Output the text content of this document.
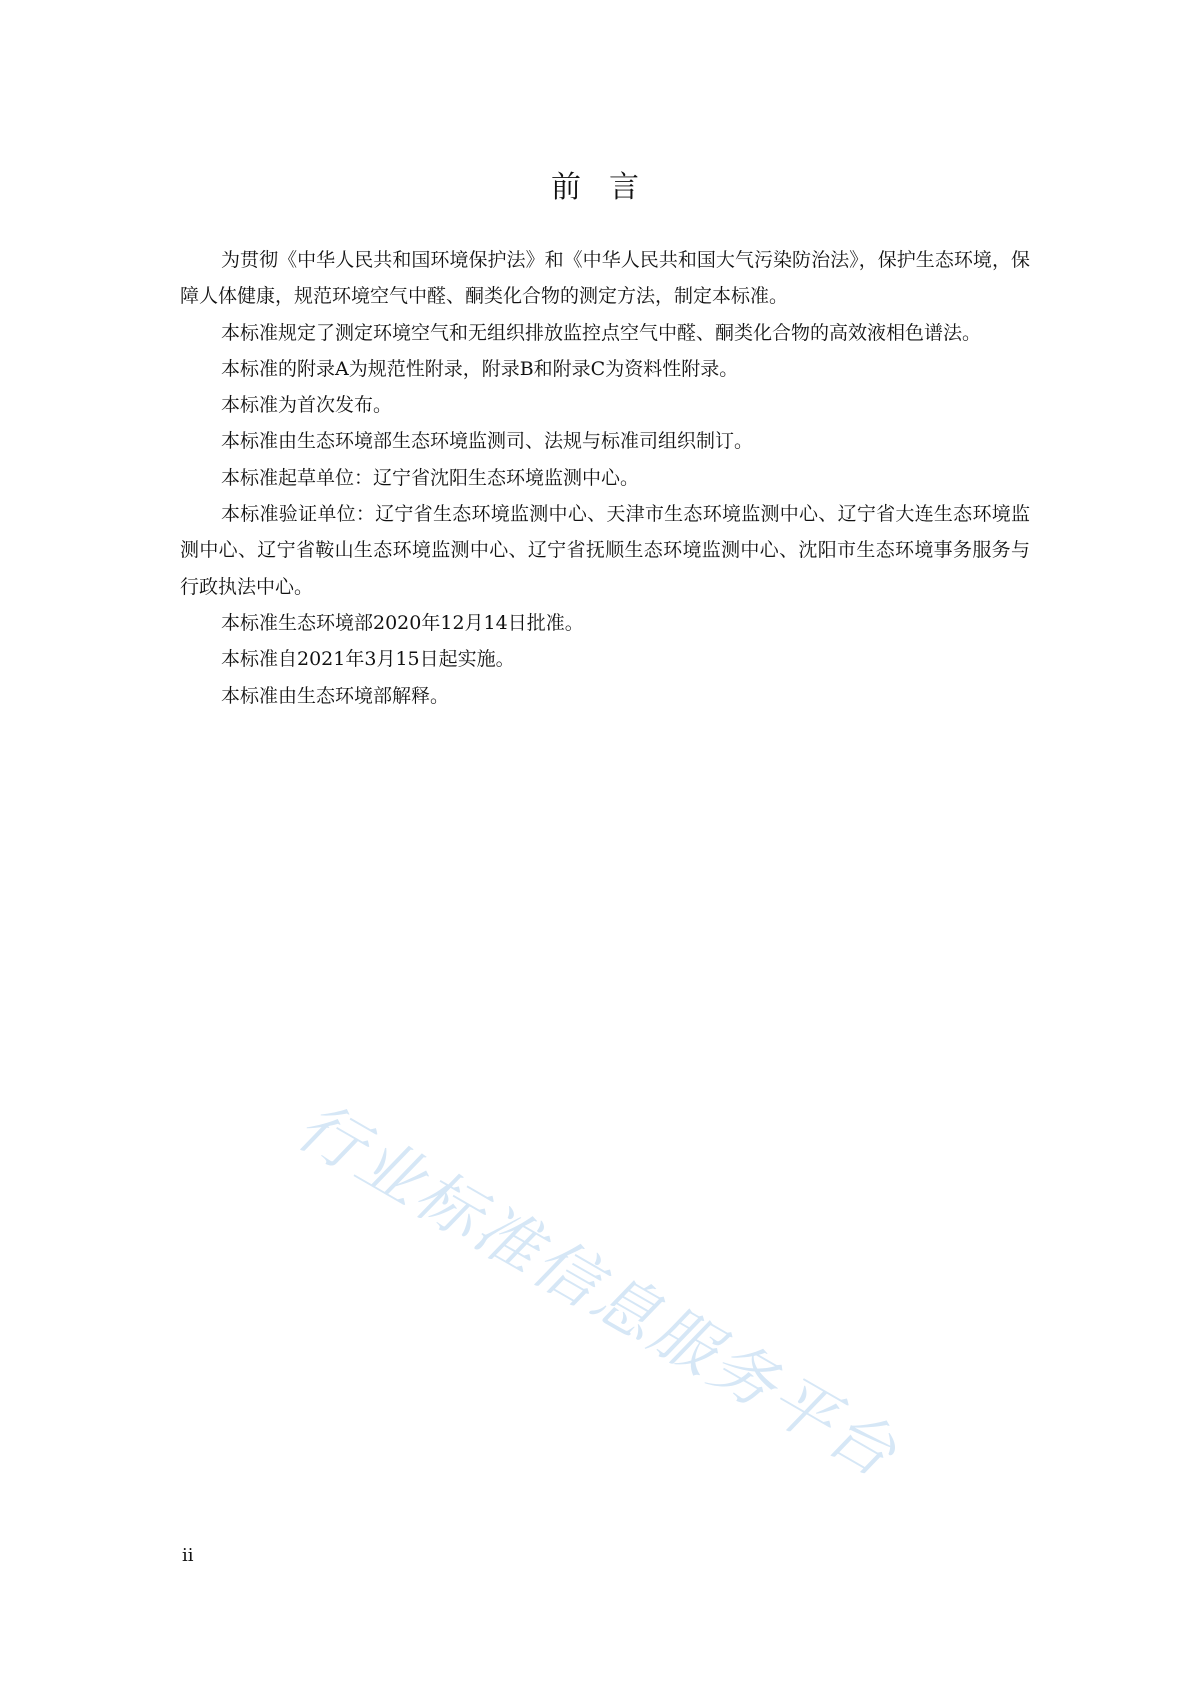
前言

为贯彻《中华人民共和国环境保护法》和《中华人民共和国大气污染防治法》，保护生态环境，保障人体健康，规范环境空气中醛、酮类化合物的测定方法，制定本标准。

本标准规定了测定环境空气和无组织排放监控点空气中醛、酮类化合物的高效液相色谱法。

本标准的附录A为规范性附录，附录B和附录C为资料性附录。

本标准为首次发布。

本标准由生态环境部生态环境监测司、法规与标准司组织制订。

本标准起草单位：辽宁省沈阳生态环境监测中心。

本标准验证单位：辽宁省生态环境监测中心、天津市生态环境监测中心、辽宁省大连生态环境监测中心、辽宁省鞍山生态环境监测中心、辽宁省抚顺生态环境监测中心、沈阳市生态环境事务服务与行政执法中心。

本标准生态环境部2020年12月14日批准。

本标准自2021年3月15日起实施。

本标准由生态环境部解释。

行业标准信息服务平台
ii
